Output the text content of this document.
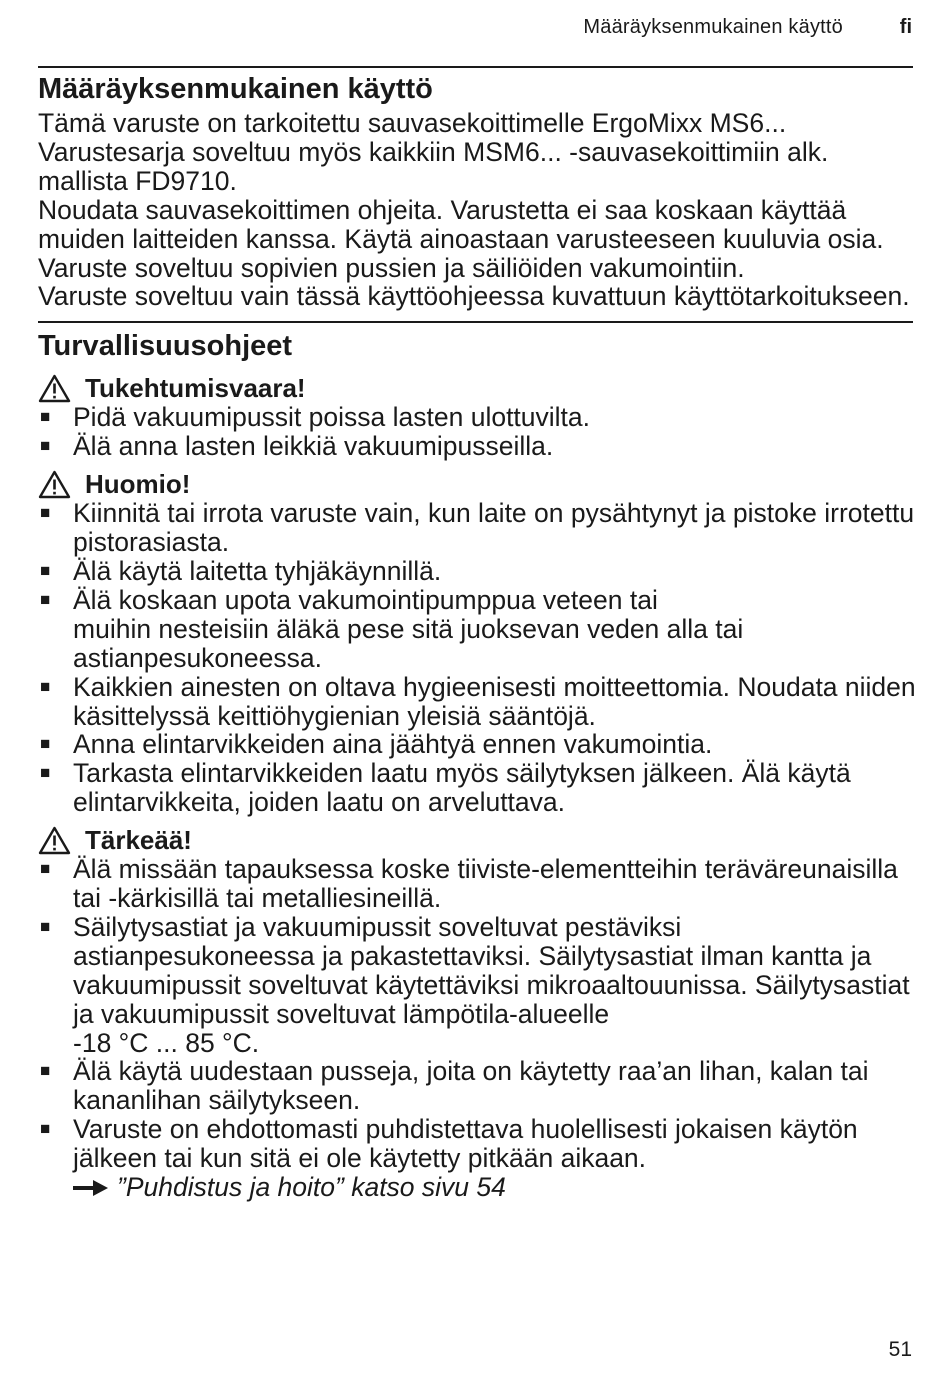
Määräyksenmukainen käyttö	fi
Määräyksenmukainen käyttö

Tämä varuste on tarkoitettu sauvasekoittimelle ErgoMixx MS6...
Varustesarja soveltuu myös kaikkiin MSM6... -sauvasekoittimiin alk. mallista FD9710.

Noudata sauvasekoittimen ohjeita. Varustetta ei saa koskaan käyttää muiden laitteiden kanssa. Käytä ainoastaan varusteeseen kuuluvia osia. Varuste soveltuu sopivien pussien ja säiliöiden vakumointiin.

Varuste soveltuu vain tässä käyttöohjeessa kuvattuun käyttötarkoitukseen.

Turvallisuusohjeet
Tukehtumisvaara!
■ Pidä vakuumipussit poissa lasten ulottuvilta.
■ Älä anna lasten leikkiä vakuumipusseilla.
Huomio!
■ Kiinnitä tai irrota varuste vain, kun laite on pysähtynyt ja pistoke irrotettu pistorasiasta.
■ Älä käytä laitetta tyhjäkäynnillä.
■ Älä koskaan upota vakumointipumppua veteen tai
muihin nesteisiin äläkä pese sitä juoksevan veden alla tai astianpesukoneessa.
■ Kaikkien ainesten on oltava hygieenisesti moitteettomia. Noudata niiden käsittelyssä keittiöhygienian yleisiä sääntöjä.
■ Anna elintarvikkeiden aina jäähtyä ennen vakumointia.
■ Tarkasta elintarvikkeiden laatu myös säilytyksen jälkeen. Älä käytä elintarvikkeita, joiden laatu on arveluttava.
Tärkeää!
■ Älä missään tapauksessa koske tiiviste-elementteihin teräväreunaisilla tai -kärkisillä tai metalliesineillä.
■ Säilytysastiat ja vakuumipussit soveltuvat pestäviksi astianpesukoneessa ja pakastettaviksi. Säilytysastiat ilman kantta ja vakuumipussit soveltuvat käytettäviksi mikroaaltouunissa. Säilytysastiat ja vakuumipussit soveltuvat lämpötila-alueelle
-18 °C ... 85 °C.
■ Älä käytä uudestaan pusseja, joita on käytetty raa’an lihan, kalan tai kananlihan säilytykseen.
■ Varuste on ehdottomasti puhdistettava huolellisesti jokaisen käytön jälkeen tai kun sitä ei ole käytetty pitkään aikaan.
”Puhdistus ja hoito” katso sivu 54
51
